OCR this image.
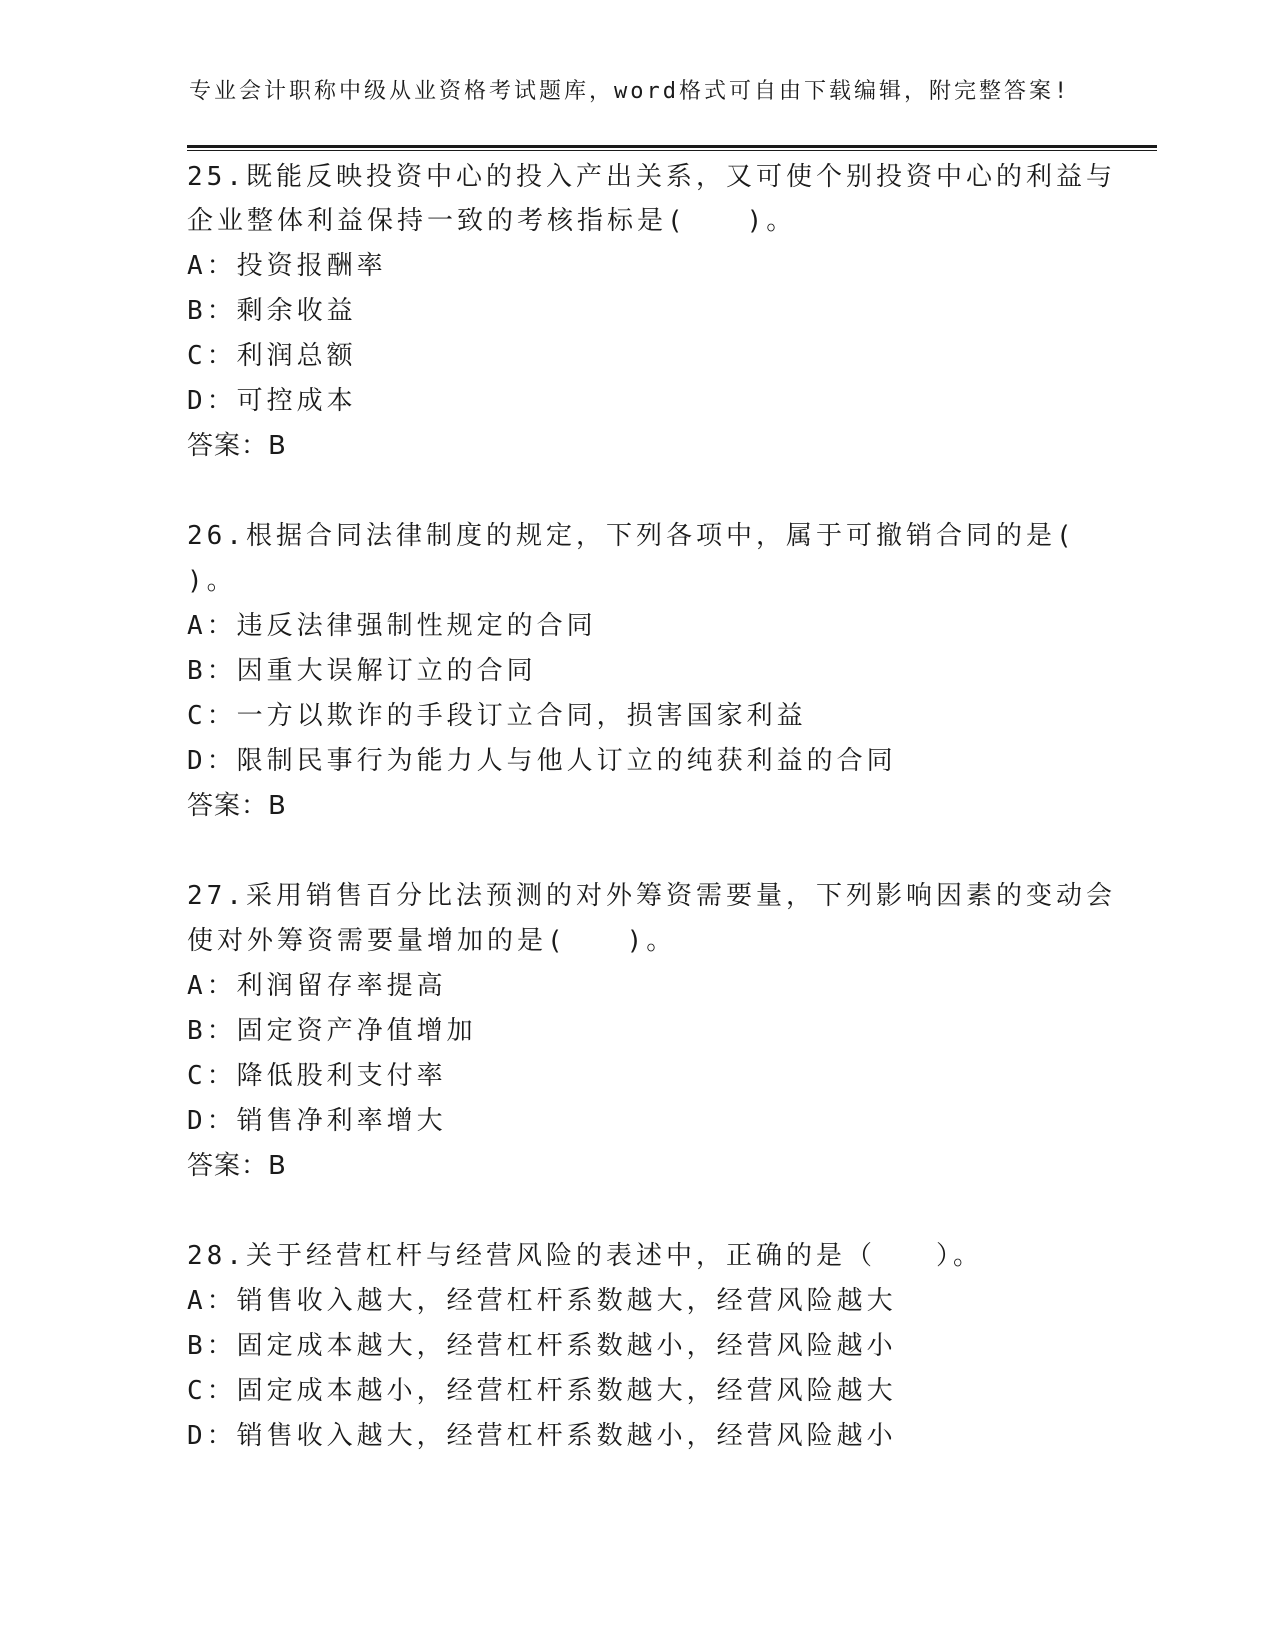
专业会计职称中级从业资格考试题库，word格式可自由下载编辑，附完整答案!
25.既能反映投资中心的投入产出关系，又可使个别投资中心的利益与
企业整体利益保持一致的考核指标是(　　)。
A：投资报酬率
B：剩余收益
C：利润总额
D：可控成本
答案：B
26.根据合同法律制度的规定，下列各项中，属于可撤销合同的是(
)。
A：违反法律强制性规定的合同
B：因重大误解订立的合同
C：一方以欺诈的手段订立合同，损害国家利益
D：限制民事行为能力人与他人订立的纯获利益的合同
答案：B
27.采用销售百分比法预测的对外筹资需要量，下列影响因素的变动会
使对外筹资需要量增加的是(　　)。
A：利润留存率提高
B：固定资产净值增加
C：降低股利支付率
D：销售净利率增大
答案：B
28.关于经营杠杆与经营风险的表述中，正确的是（　　）。
A：销售收入越大，经营杠杆系数越大，经营风险越大
B：固定成本越大，经营杠杆系数越小，经营风险越小
C：固定成本越小，经营杠杆系数越大，经营风险越大
D：销售收入越大，经营杠杆系数越小，经营风险越小
